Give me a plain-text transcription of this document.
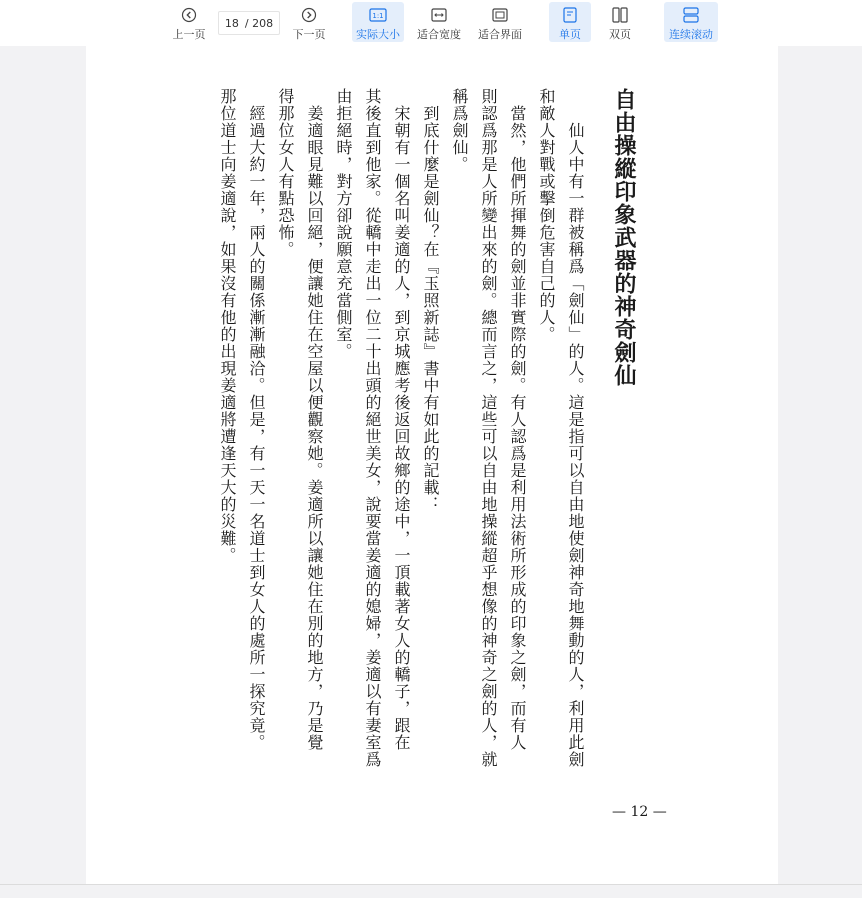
上一页
18 / 208
下一页
1:1
实际大小 适合宽度 适合界面	单页	双页	连续滚动
自由操縱印象武器的神奇劍仙
仙人中有一群被稱爲「劍仙」的人。這是指可以自由地使劍神奇地舞動的人，利用此劍
和敵人對戰或擊倒危害自己的人。
　當然，他們所揮舞的劍並非實際的劍。有人認爲是利用法術所形成的印象之劍，而有人
則認爲那是人所變出來的劍。總而言之，這些可以自由地操縱超乎想像的神奇之劍的人，就
稱爲劍仙。
　到底什麼是劍仙？在『玉照新誌』書中有如此的記載：
　宋朝有一個名叫姜適的人，到京城應考後返回故鄉的途中，一頂載著女人的轎子，跟在
其後直到他家。從轎中走出一位二十出頭的絕世美女，說要當姜適的媳婦，姜適以有妻室爲
由拒絕時，對方卻說願意充當側室。
　姜適眼見難以回絕，便讓她住在空屋以便觀察她。姜適所以讓她住在別的地方，乃是覺
得那位女人有點恐怖。
　經過大約一年，兩人的關係漸漸融洽。但是，有一天一名道士到女人的處所一探究竟。
那位道士向姜適說，如果沒有他的出現姜適將遭逢天大的災難。
— 12 —
